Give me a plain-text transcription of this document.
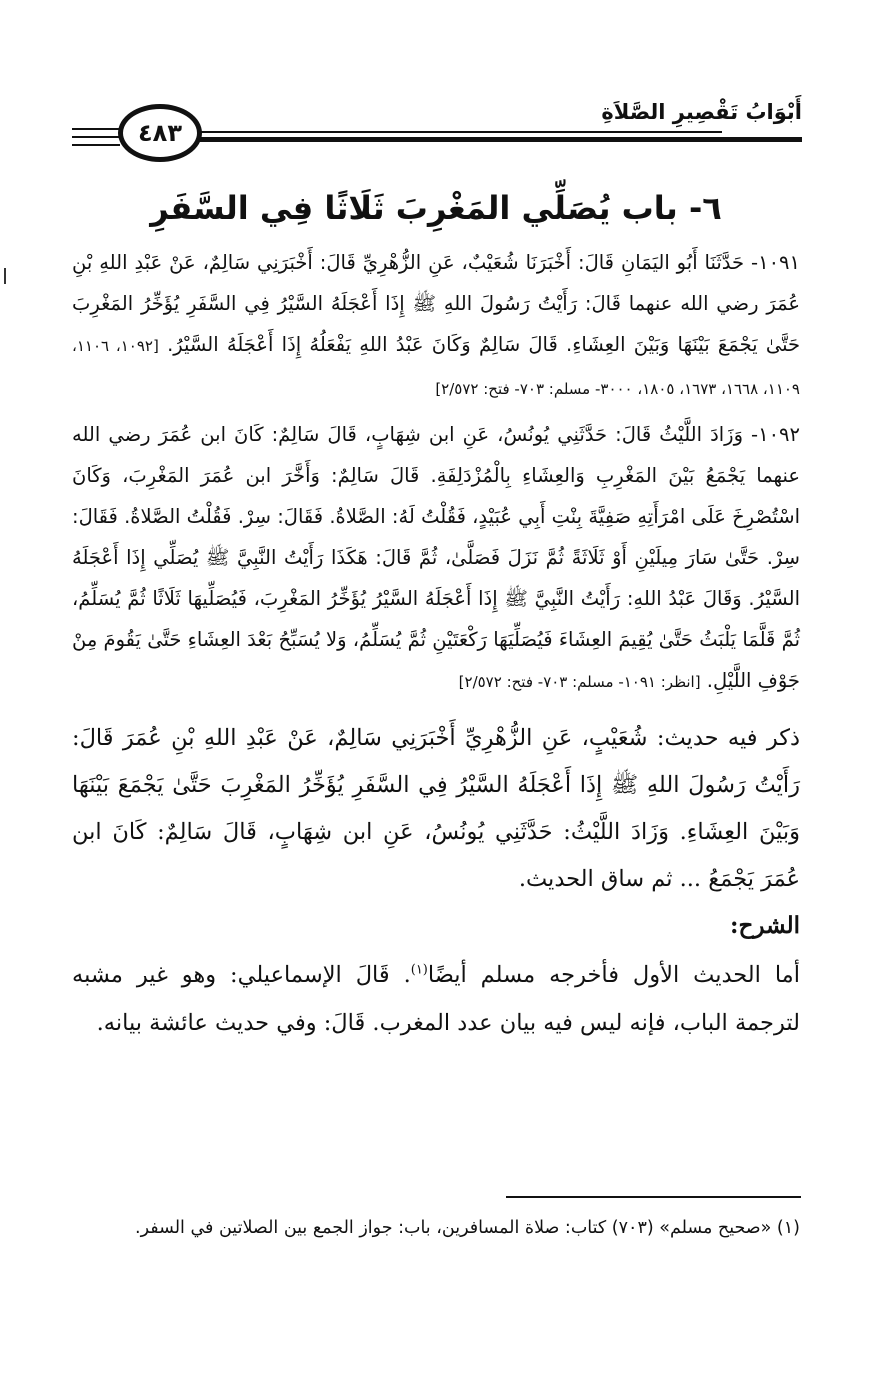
٤٨٣
أَبْوَابُ تَقْصِيرِ الصَّلاَةِ
٦- باب يُصَلِّي المَغْرِبَ ثَلَاثًا فِي السَّفَرِ

١٠٩١- حَدَّثَنَا أَبُو اليَمَانِ قَالَ: أَخْبَرَنَا شُعَيْبٌ، عَنِ الزُّهْرِيِّ قَالَ: أَخْبَرَنِي سَالِمٌ، عَنْ عَبْدِ اللهِ بْنِ عُمَرَ رضي الله عنهما قَالَ: رَأَيْتُ رَسُولَ اللهِ ﷺ إِذَا أَعْجَلَهُ السَّيْرُ فِي السَّفَرِ يُؤَخِّرُ المَغْرِبَ حَتَّىٰ يَجْمَعَ بَيْنَهَا وَبَيْنَ العِشَاءِ. قَالَ سَالِمٌ وَكَانَ عَبْدُ اللهِ يَفْعَلُهُ إِذَا أَعْجَلَهُ السَّيْرُ. [١٠٩٢، ١١٠٦، ١١٠٩، ١٦٦٨، ١٦٧٣، ١٨٠٥، ٣٠٠٠- مسلم: ٧٠٣- فتح: ٢/٥٧٢]

١٠٩٢- وَزَادَ اللَّيْثُ قَالَ: حَدَّثَنِي يُونُسُ، عَنِ ابن شِهَابٍ، قَالَ سَالِمٌ: كَانَ ابن عُمَرَ رضي الله عنهما يَجْمَعُ بَيْنَ المَغْرِبِ وَالعِشَاءِ بِالْمُزْدَلِفَةِ. قَالَ سَالِمٌ: وَأَخَّرَ ابن عُمَرَ المَغْرِبَ، وَكَانَ اسْتُصْرِخَ عَلَى امْرَأَتِهِ صَفِيَّةَ بِنْتِ أَبِي عُبَيْدٍ، فَقُلْتُ لَهُ: الصَّلاةُ. فَقَالَ: سِرْ. فَقُلْتُ الصَّلاةُ. فَقَالَ: سِرْ. حَتَّىٰ سَارَ مِيلَيْنِ أَوْ ثَلَاثَةً ثُمَّ نَزَلَ فَصَلَّىٰ، ثُمَّ قَالَ: هَكَذَا رَأَيْتُ النَّبِيَّ ﷺ يُصَلِّي إِذَا أَعْجَلَهُ السَّيْرُ. وَقَالَ عَبْدُ اللهِ: رَأَيْتُ النَّبِيَّ ﷺ إِذَا أَعْجَلَهُ السَّيْرُ يُؤَخِّرُ المَغْرِبَ، فَيُصَلِّيهَا ثَلَاثًا ثُمَّ يُسَلِّمُ، ثُمَّ قَلَّمَا يَلْبَثُ حَتَّىٰ يُقِيمَ العِشَاءَ فَيُصَلِّيَهَا رَكْعَتَيْنِ ثُمَّ يُسَلِّمُ، وَلا يُسَبِّحُ بَعْدَ العِشَاءِ حَتَّىٰ يَقُومَ مِنْ جَوْفِ اللَّيْلِ. [انظر: ١٠٩١- مسلم: ٧٠٣- فتح: ٢/٥٧٢]

ذكر فيه حديث: شُعَيْبٍ، عَنِ الزُّهْرِيِّ أَخْبَرَنِي سَالِمٌ، عَنْ عَبْدِ اللهِ بْنِ عُمَرَ قَالَ: رَأَيْتُ رَسُولَ اللهِ ﷺ إِذَا أَعْجَلَهُ السَّيْرُ فِي السَّفَرِ يُؤَخِّرُ المَغْرِبَ حَتَّىٰ يَجْمَعَ بَيْنَهَا وَبَيْنَ العِشَاءِ. وَزَادَ اللَّيْثُ: حَدَّثَنِي يُونُسُ، عَنِ ابن شِهَابٍ، قَالَ سَالِمٌ: كَانَ ابن عُمَرَ يَجْمَعُ ... ثم ساق الحديث.

الشرح:

أما الحديث الأول فأخرجه مسلم أيضًا$^{(١)}$. قَالَ الإسماعيلي: وهو غير مشبه لترجمة الباب، فإنه ليس فيه بيان عدد المغرب. قَالَ: وفي حديث عائشة بيانه.

(١) «صحيح مسلم» (٧٠٣) كتاب: صلاة المسافرين، باب: جواز الجمع بين الصلاتين في السفر.
